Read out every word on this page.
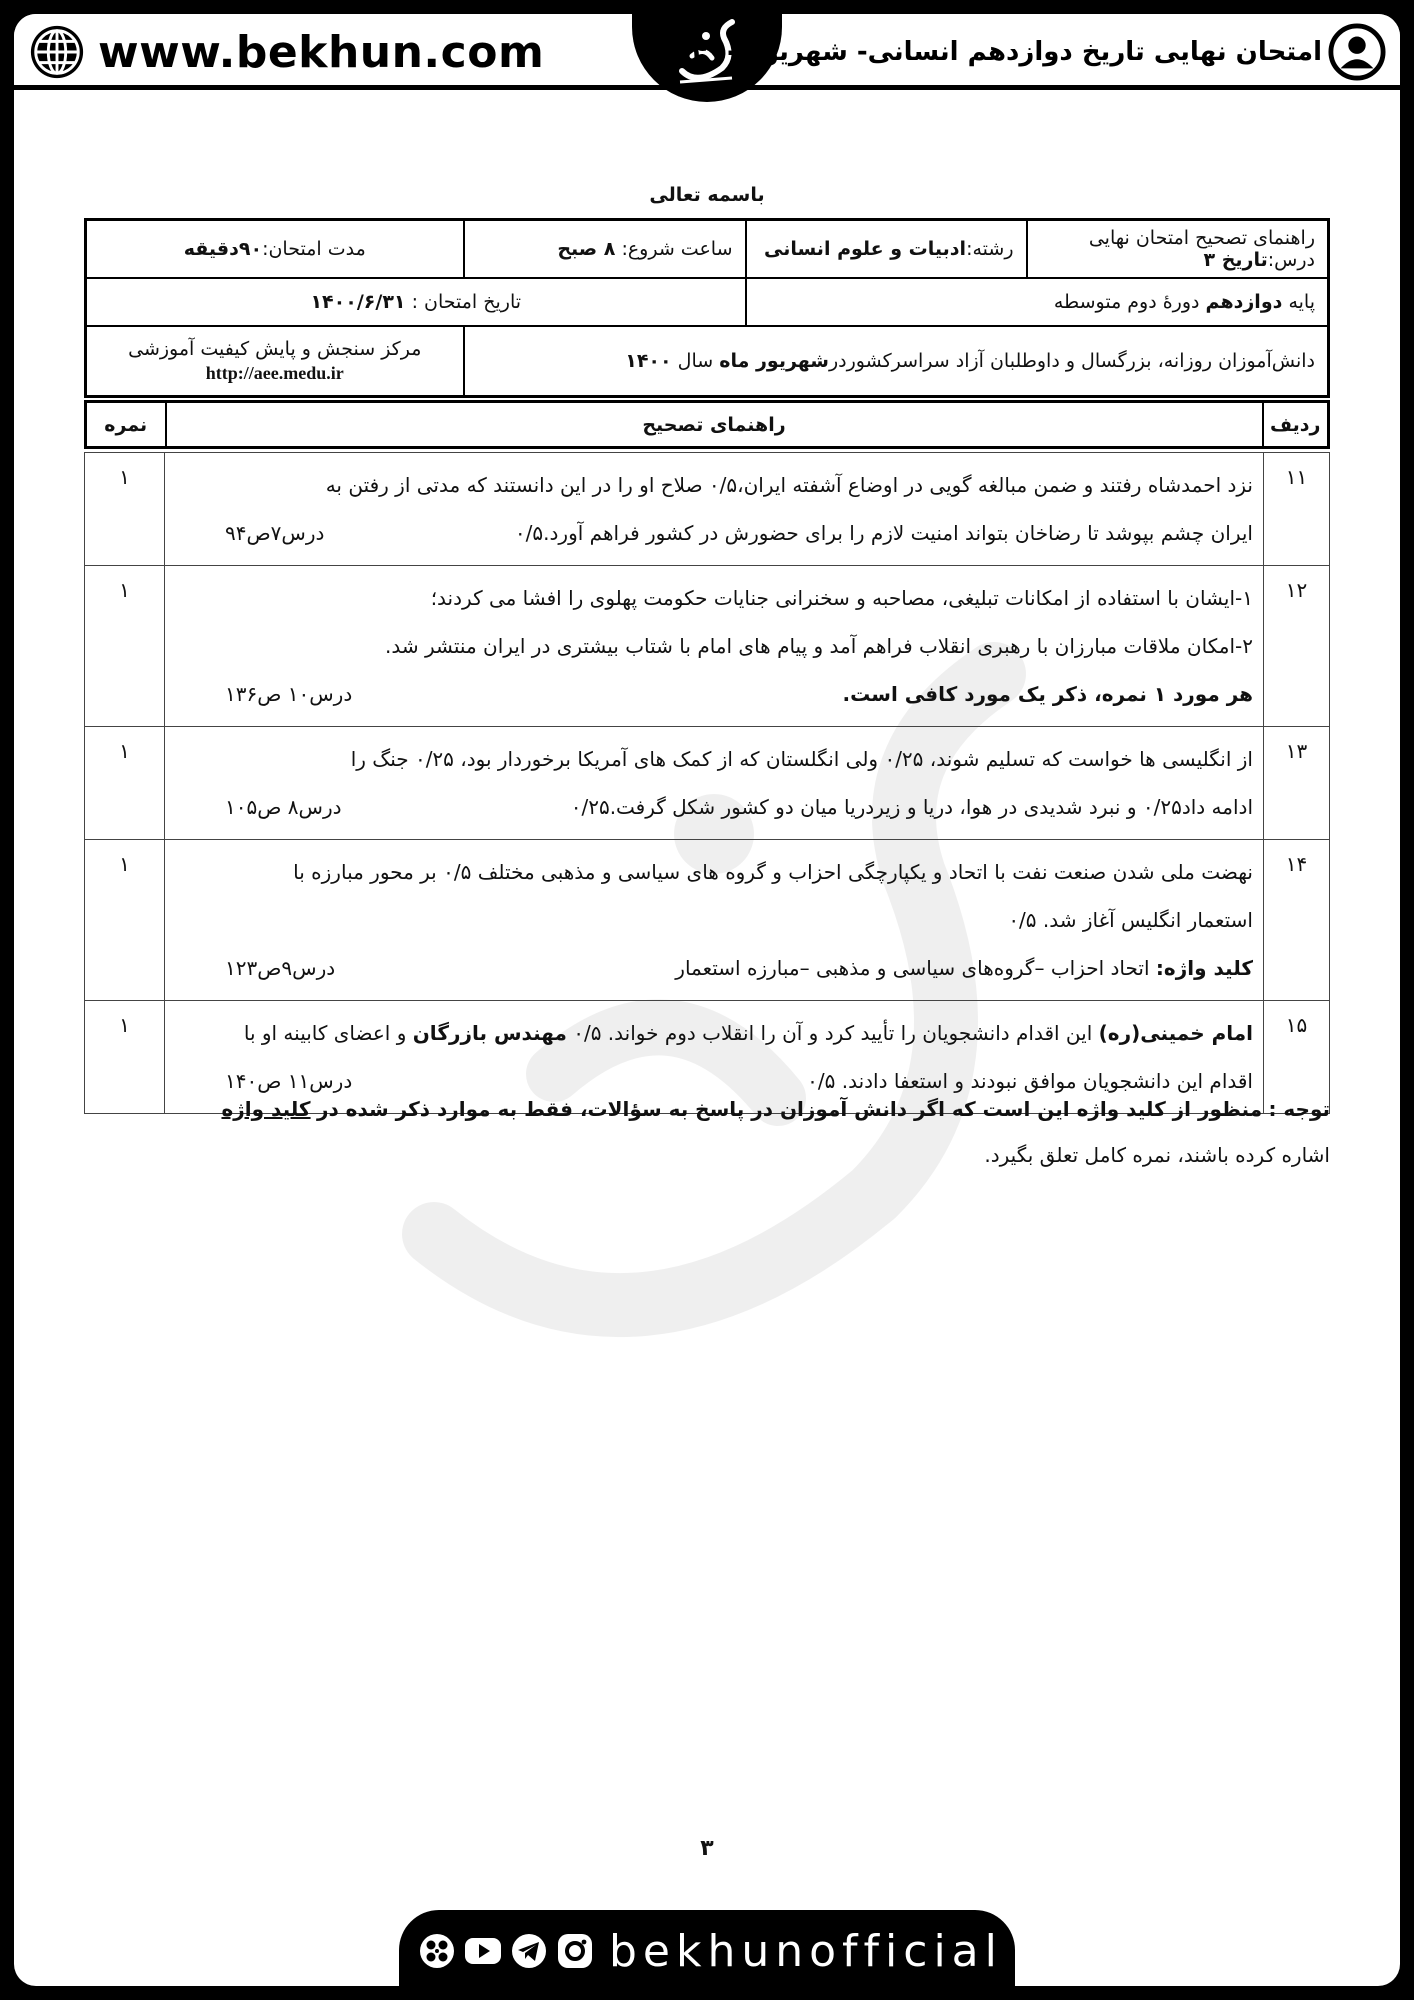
www.bekhun.com	امتحان نهایی تاریخ دوازدهم انسانی- شهریور ۱۴۰۰
باسمه تعالی
راهنمای تصحیح امتحان نهایی درس:تاریخ ۳	رشته:ادبیات و علوم انسانی	ساعت شروع: ۸ صبح	مدت امتحان:۹۰دقیقه
پایه دوازدهم دورهٔ دوم متوسطه		تاریخ امتحان : ۱۴۰۰/۶/۳۱	
دانش‌آموزان روزانه، بزرگسال و داوطلبان آزاد سراسرکشوردرشهریور ماه سال ۱۴۰۰			مرکز سنجش و پایش کیفیت آموزشی
http://aee.medu.ir
ردیف	راهنمای تصحیح	نمره
۱۱	نزد احمدشاه رفتند و ضمن مبالغه گویی در اوضاع آشفته ایران،۰/۵ صلاح او را در این دانستند که مدتی از رفتن به
ایران چشم بپوشد تا رضاخان بتواند امنیت لازم را برای حضورش در کشور فراهم آورد.۰/۵
درس۷ص۹۴	۱
۱۲	۱-ایشان با استفاده از امکانات تبلیغی، مصاحبه و سخنرانی جنایات حکومت پهلوی را افشا می کردند؛
۲-امکان ملاقات مبارزان با رهبری انقلاب فراهم آمد و پیام های امام با شتاب بیشتری در ایران منتشر شد.
هر مورد ۱ نمره، ذکر یک مورد کافی است.
درس۱۰ ص۱۳۶	۱
۱۳	از انگلیسی ها خواست که تسلیم شوند، ۰/۲۵ ولی انگلستان که از کمک های آمریکا برخوردار بود، ۰/۲۵ جنگ را
ادامه داد۰/۲۵ و نبرد شدیدی در هوا، دریا و زیردریا میان دو کشور شکل گرفت.۰/۲۵
درس۸ ص۱۰۵	۱
۱۴	نهضت ملی شدن صنعت نفت با اتحاد و یکپارچگی احزاب و گروه های سیاسی و مذهبی مختلف ۰/۵ بر محور مبارزه با
استعمار انگلیس آغاز شد. ۰/۵
کلید واژه: اتحاد احزاب –گروه‌های سیاسی و مذهبی –مبارزه استعمار
درس۹ص۱۲۳	۱
۱۵	امام خمینی(ره) این اقدام دانشجویان را تأیید کرد و آن را انقلاب دوم خواند. ۰/۵ مهندس بازرگان و اعضای کابینه او با
اقدام این دانشجویان موافق نبودند و استعفا دادند. ۰/۵
درس۱۱ ص۱۴۰	۱
توجه : منظور از کلید واژه این است که اگر دانش آموزان در پاسخ به سؤالات، فقط به موارد ذکر شده در کلید واژه
اشاره کرده باشند، نمره کامل تعلق بگیرد.
۳
bekhunofficial
